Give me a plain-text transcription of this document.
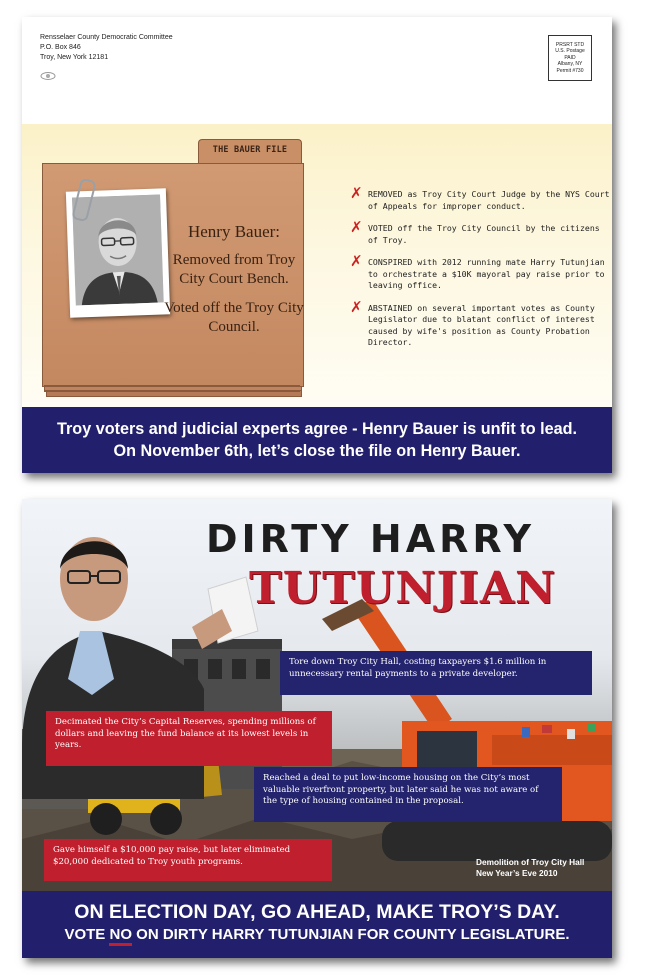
Rensselaer County Democratic Committee
P.O. Box 846
Troy, New York 12181
PRSRT STD
U.S. Postage
PAID
Albany, NY
Permit #730
THE BAUER FILE
Henry Bauer:
Removed from Troy City Court Bench.
Voted off the Troy City Council.
✗ REMOVED as Troy City Court Judge by the NYS Court of Appeals for improper conduct.
✗ VOTED off the Troy City Council by the citizens of Troy.
✗ CONSPIRED with 2012 running mate Harry Tutunjian to orchestrate a $10K mayoral pay raise prior to leaving office.
✗ ABSTAINED on several important votes as County Legislator due to blatant conflict of interest caused by wife's position as County Probation Director.
Troy voters and judicial experts agree - Henry Bauer is unfit to lead.
On November 6th, let’s close the file on Henry Bauer.
DIRTY HARRY
TUTUNJIAN
Tore down Troy City Hall, costing taxpayers $1.6 million in unnecessary rental payments to a private developer.
Decimated the City’s Capital Reserves, spending millions of dollars and leaving the fund balance at its lowest levels in years.
Reached a deal to put low-income housing on the City’s most valuable riverfront property, but later said he was not aware of the type of housing contained in the proposal.
Gave himself a $10,000 pay raise, but later eliminated $20,000 dedicated to Troy youth programs.	Demolition of Troy City Hall
New Year’s Eve 2010
ON ELECTION DAY, GO AHEAD, MAKE TROY’S DAY.
VOTE NO ON DIRTY HARRY TUTUNJIAN FOR COUNTY LEGISLATURE.
